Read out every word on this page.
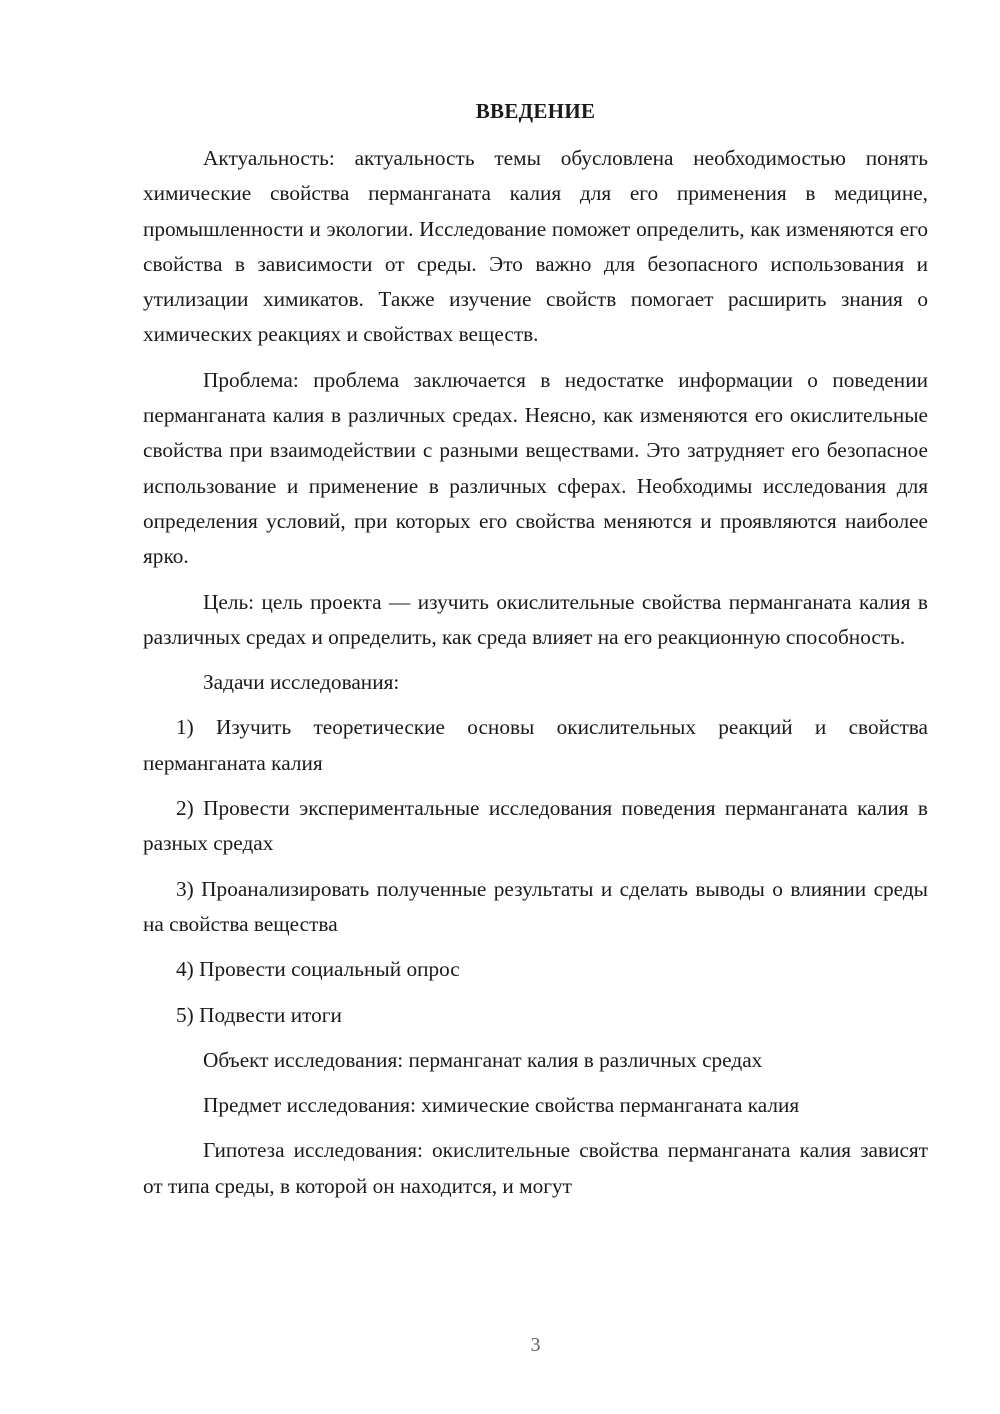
ВВЕДЕНИЕ

Актуальность: актуальность темы обусловлена необходимостью понять химические свойства перманганата калия для его применения в медицине, промышленности и экологии. Исследование поможет определить, как изменяются его свойства в зависимости от среды. Это важно для безопасного использования и утилизации химикатов. Также изучение свойств помогает расширить знания о химических реакциях и свойствах веществ.

Проблема: проблема заключается в недостатке информации о поведении перманганата калия в различных средах. Неясно, как изменяются его окислительные свойства при взаимодействии с разными веществами. Это затрудняет его безопасное использование и применение в различных сферах. Необходимы исследования для определения условий, при которых его свойства меняются и проявляются наиболее ярко.

Цель: цель проекта — изучить окислительные свойства перманганата калия в различных средах и определить, как среда влияет на его реакционную способность.

Задачи исследования:

1) Изучить теоретические основы окислительных реакций и свойства перманганата калия

2) Провести экспериментальные исследования поведения перманганата калия в разных средах

3) Проанализировать полученные результаты и сделать выводы о влиянии среды на свойства вещества

4) Провести социальный опрос

5) Подвести итоги

Объект исследования: перманганат калия в различных средах

Предмет исследования: химические свойства перманганата калия

Гипотеза исследования: окислительные свойства перманганата калия зависят от типа среды, в которой он находится, и могут

3
